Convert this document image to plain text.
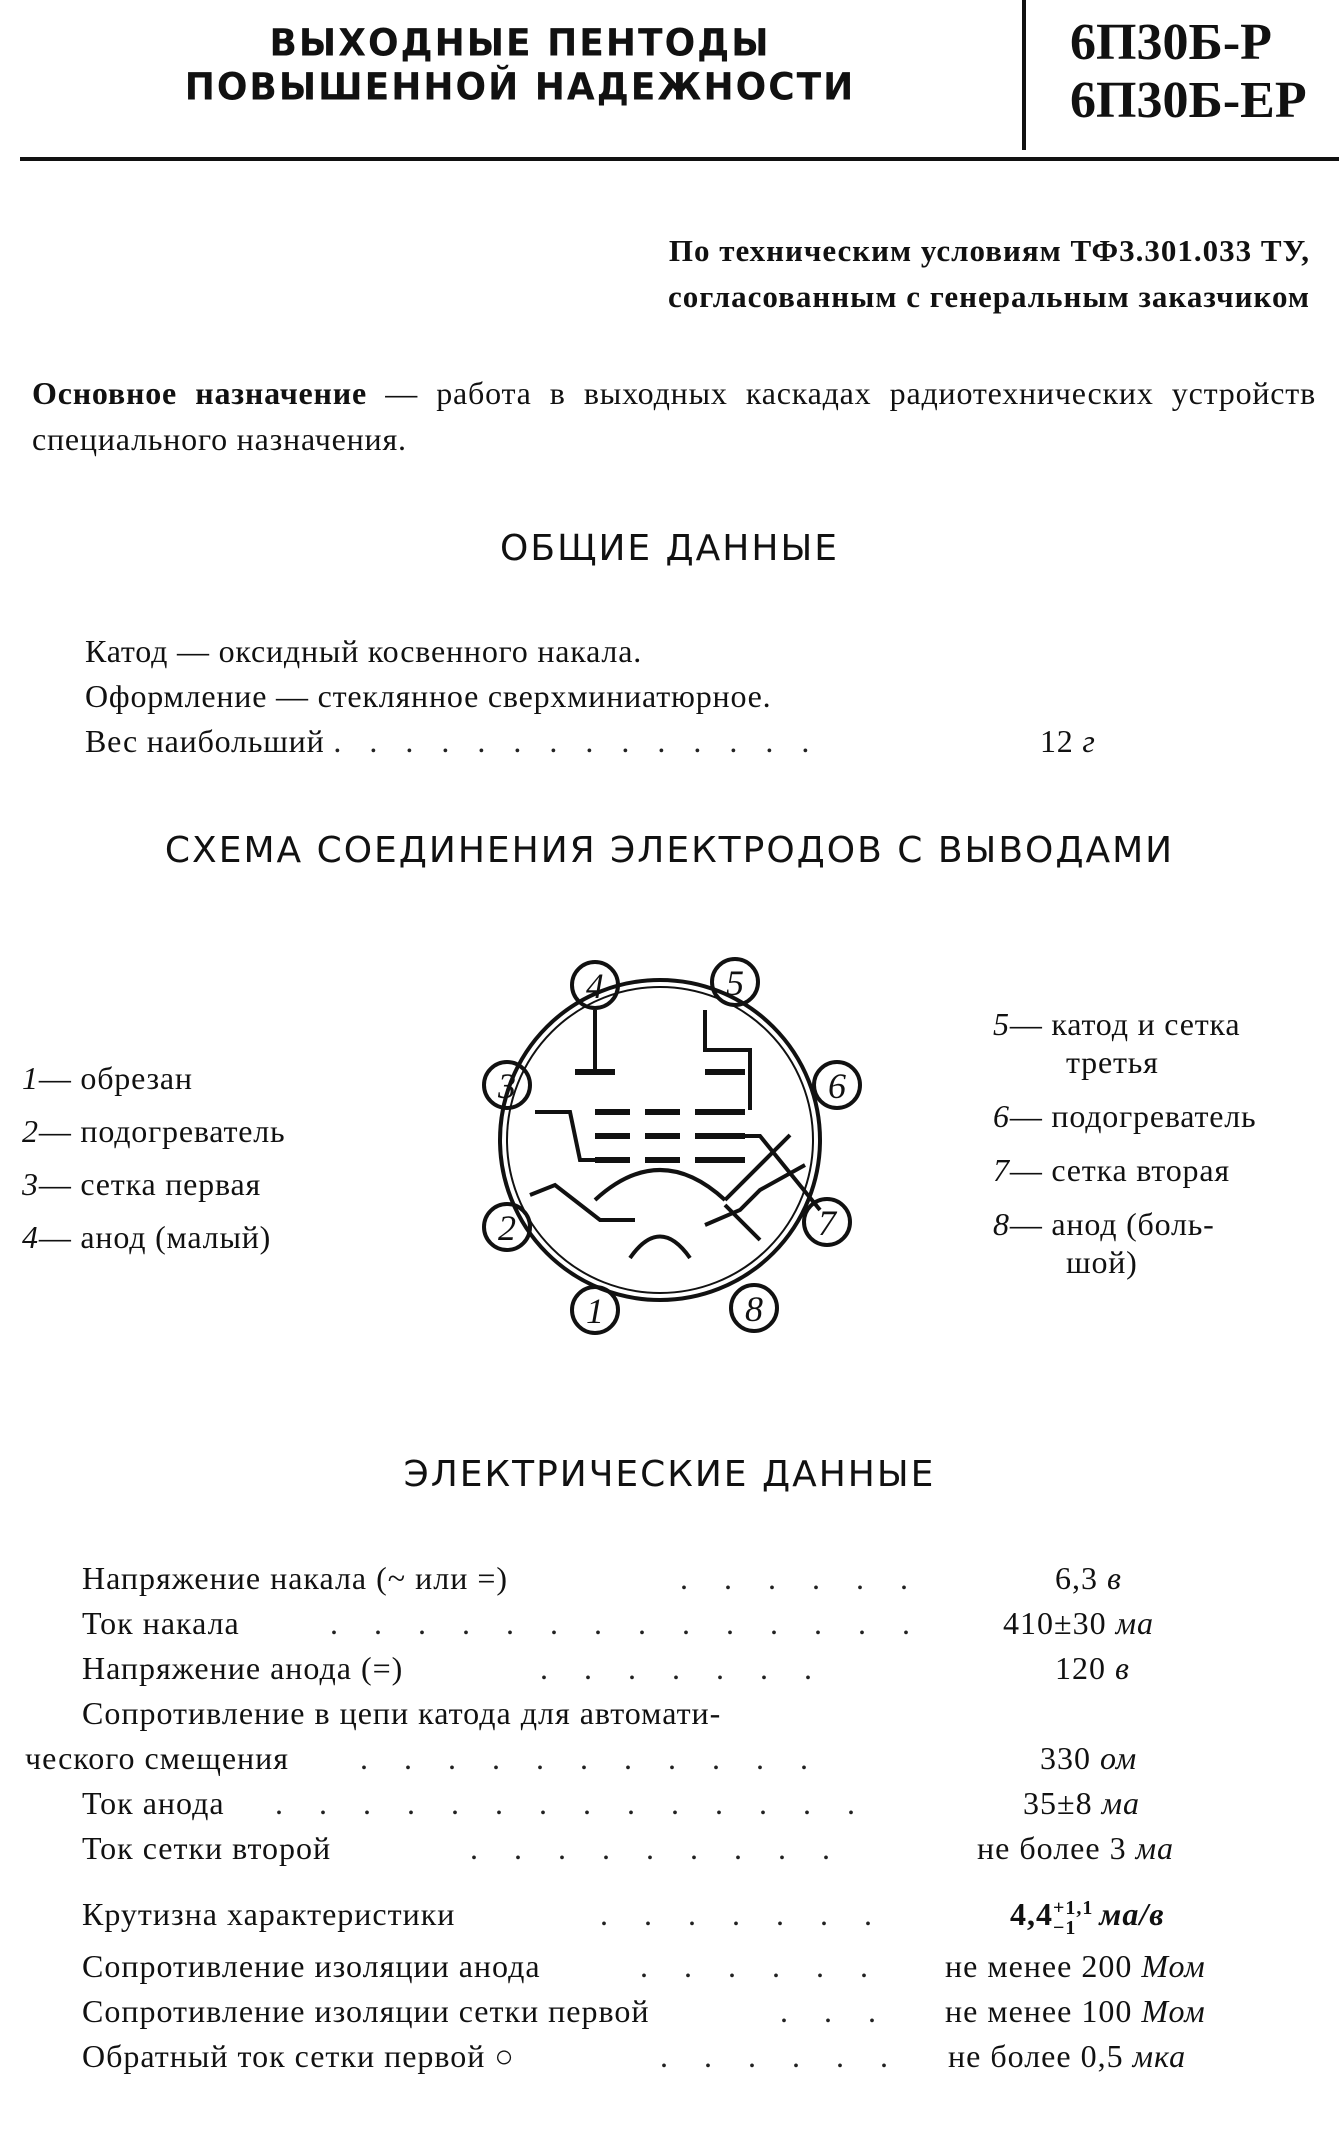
ВЫХОДНЫЕ ПЕНТОДЫ
ПОВЫШЕННОЙ НАДЕЖНОСТИ
6П30Б-Р
6П30Б-ЕР
По техническим условиям ТФ3.301.033 ТУ,
согласованным с генеральным заказчиком
Основное назначение — работа в выходных каскадах радиотехнических устройств специального назначения.
ОБЩИЕ ДАННЫЕ
Катод — оксидный косвенного накала.
Оформление — стеклянное сверхминиатюрное.
Вес наибольший . . . . . . . . . . . . . .	12 г
СХЕМА СОЕДИНЕНИЯ ЭЛЕКТРОДОВ С ВЫВОДАМИ
1— обрезан
2— подогреватель
3— сетка первая
4— анод (малый)
5— катод и сетка
третья
6— подогреватель
7— сетка вторая
8— анод (боль-
шой)
4	5
3	6
2	7
1	8
ЭЛЕКТРИЧЕСКИЕ ДАННЫЕ
Напряжение накала (~ или =)	. . . . . .	6,3 в
Ток накала	. . . . . . . . . . . . . . 410±30 ма
Напряжение анода (=)	. . . . . . .	120 в
Сопротивление в цепи катода для автомати-
ческого смещения . . . . . . . . . . .	330 ом
Ток анода . . . . . . . . . . . . . .	35±8 ма
Ток сетки второй	. . . . . . . . .	не более 3 ма
Крутизна характеристики	. . . . . . .	4,4 +1,1
−1 ма/в
Сопротивление изоляции анода	. . . . . . не менее 200 Мом
Сопротивление изоляции сетки первой	. . . не менее 100 Мом
Обратный ток сетки первой ○	. . . . . . не более 0,5 мка
